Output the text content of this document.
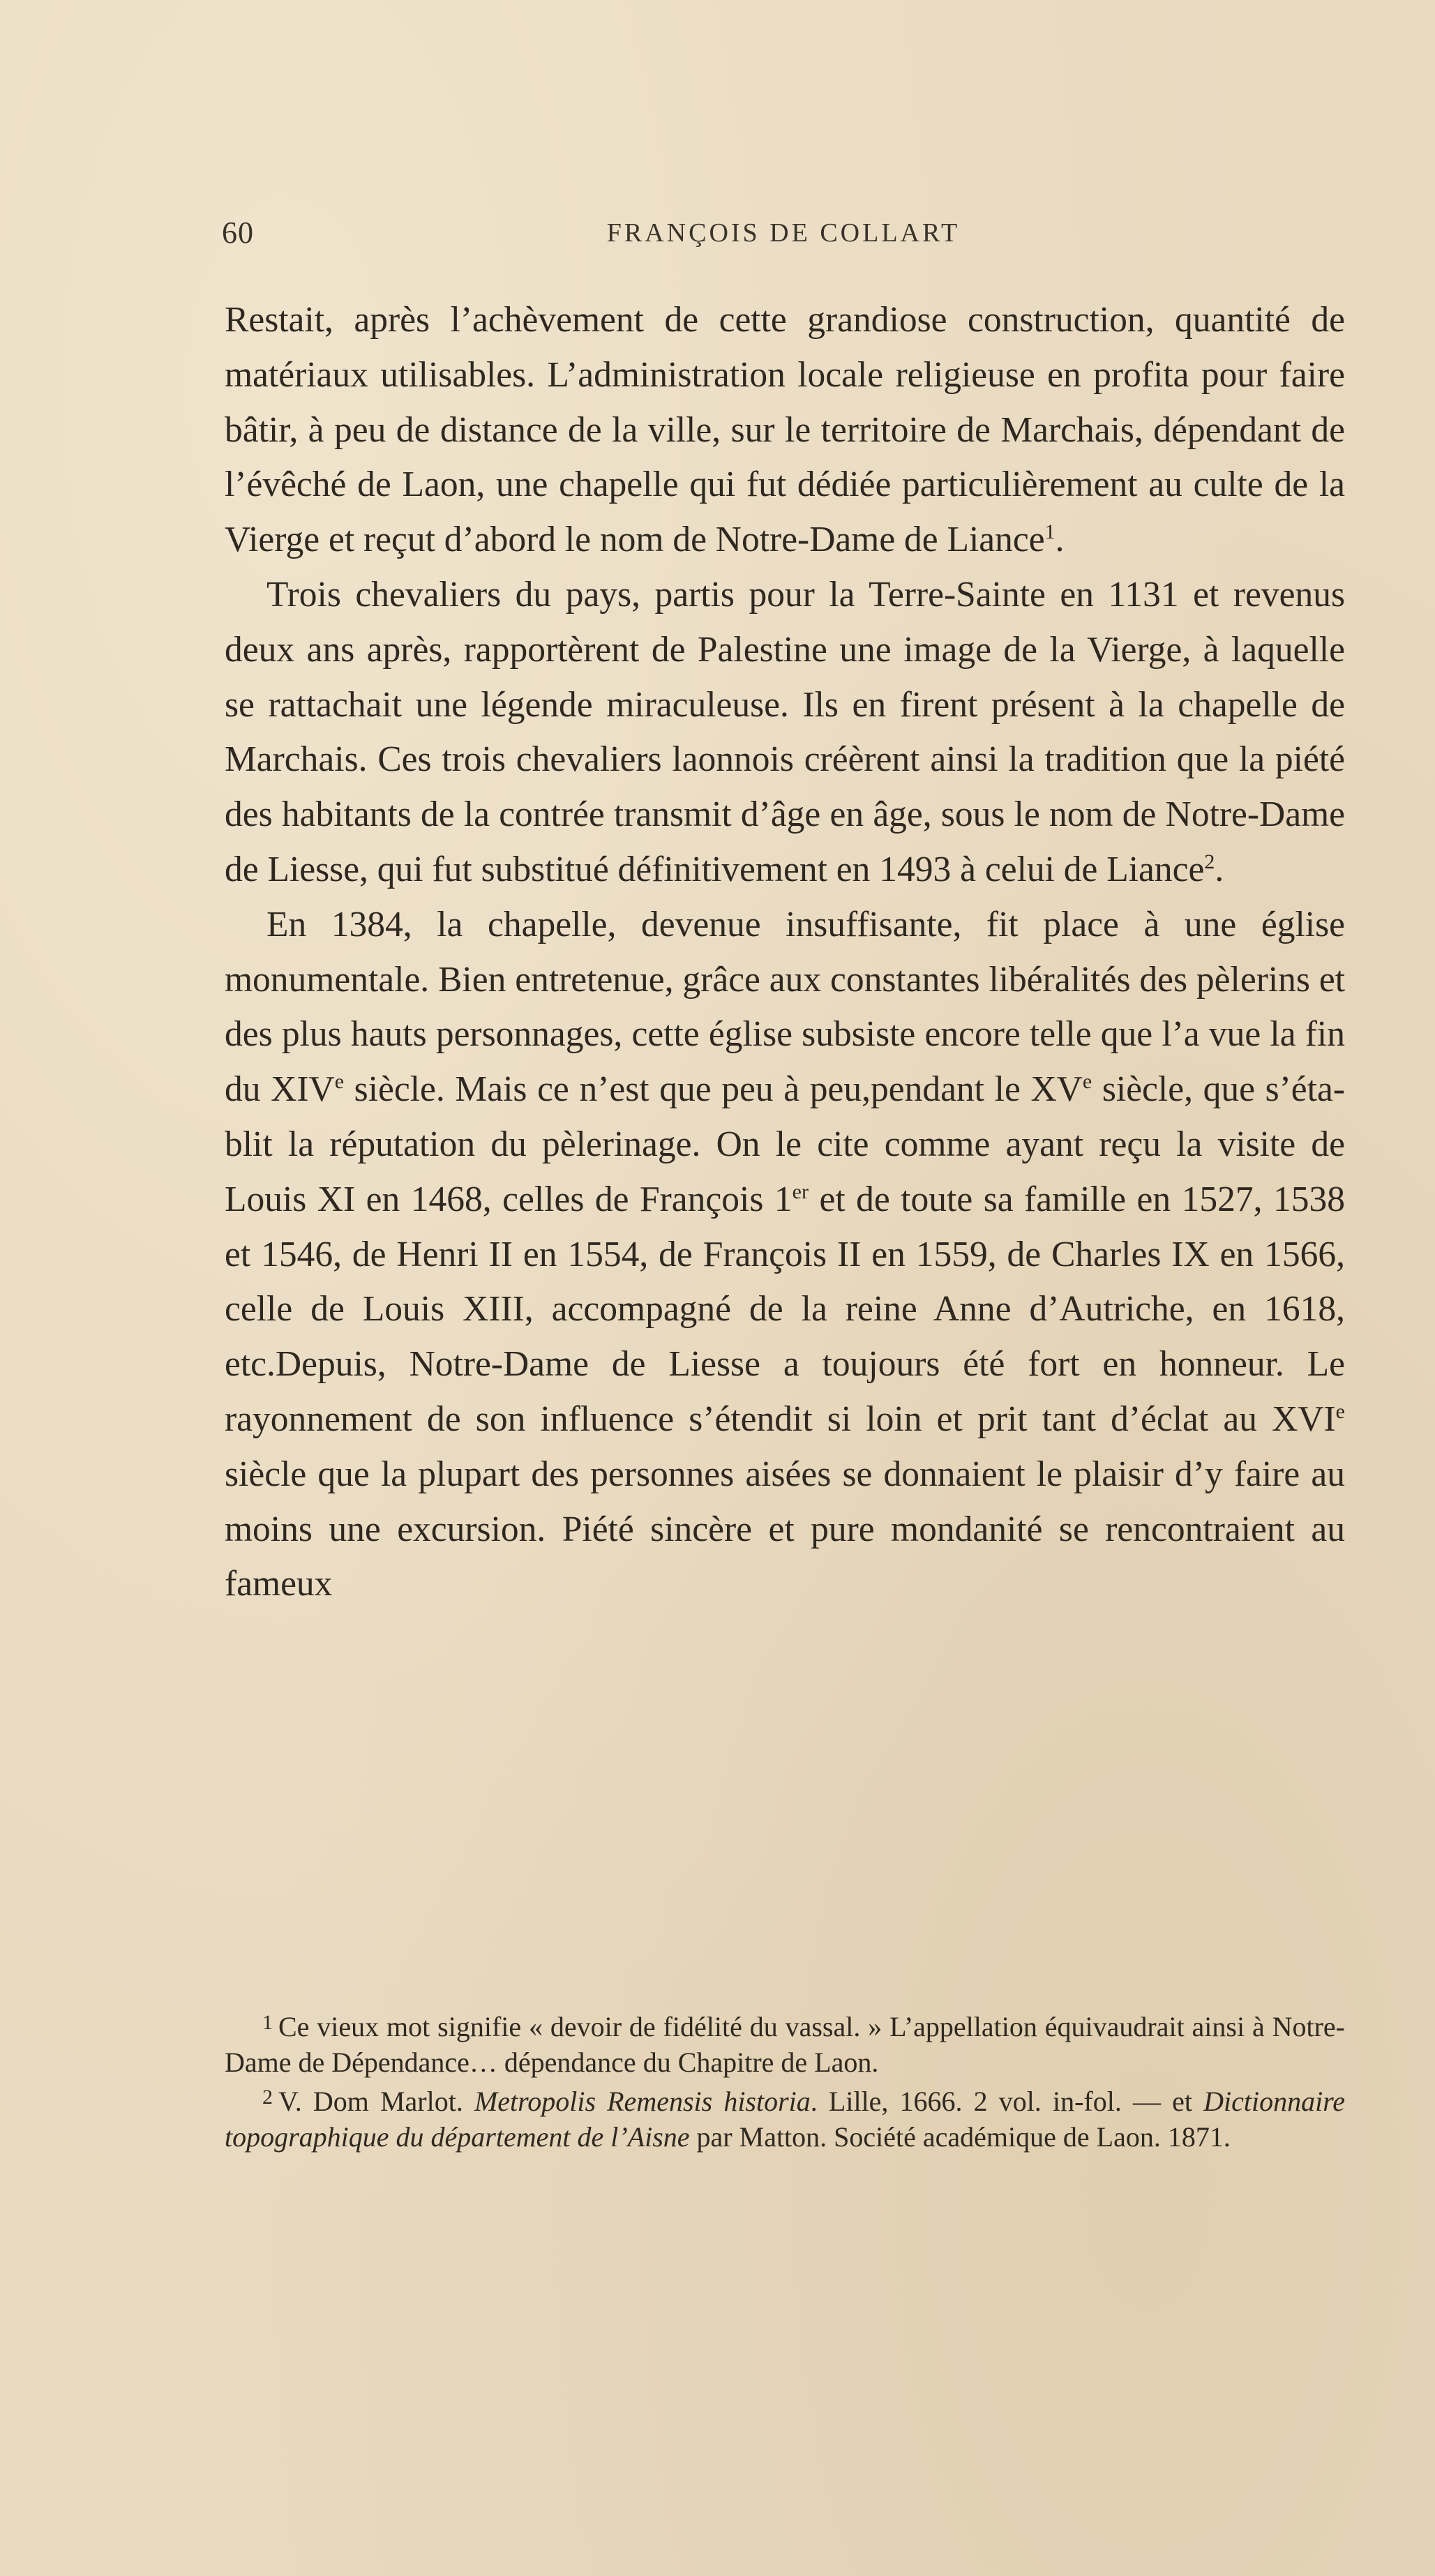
60	FRANÇOIS DE COLLART

Restait, après l’achèvement de cette grandiose construction, quantité de matériaux utilisables. L’administration locale religieuse en profita pour faire bâtir, à peu de distance de la ville, sur le territoire de Marchais, dépendant de l’évêché de Laon, une chapelle qui fut dédiée particulièrement au culte de la Vierge et reçut d’abord le nom de Notre-Dame de Liance$^1$.

Trois chevaliers du pays, partis pour la Terre-Sainte en 1131 et revenus deux ans après, rapportèrent de Palestine une image de la Vierge, à laquelle se rattachait une légende miraculeuse. Ils en firent présent à la chapelle de Marchais. Ces trois chevaliers laonnois créèrent ainsi la tradition que la piété des habitants de la contrée transmit d’âge en âge, sous le nom de Notre-Dame de Liesse, qui fut substitué définitivement en 1493 à celui de Liance$^2$.

En 1384, la chapelle, devenue insuffisante, fit place à une église monumentale. Bien entretenue, grâce aux constantes libéralités des pèlerins et des plus hauts personnages, cette église subsiste encore telle que l’a vue la fin du XIVe siècle. Mais ce n’est que peu à peu,pendant le XVe siècle, que s’établit la réputation du pèlerinage. On le cite comme ayant reçu la visite de Louis XI en 1468, celles de François 1er et de toute sa famille en 1527, 1538 et 1546, de Henri II en 1554, de François II en 1559, de Charles IX en 1566, celle de Louis XIII, accompagné de la reine Anne d’Autriche, en 1618, etc.Depuis, Notre-Dame de Liesse a toujours été fort en honneur. Le rayonnement de son influence s’étendit si loin et prit tant d’éclat au XVIe siècle que la plupart des personnes aisées se donnaient le plaisir d’y faire au moins une excursion. Piété sincère et pure mondanité se rencontraient au fameux

$^1$ Ce vieux mot signifie « devoir de fidélité du vassal. » L’appellation équivaudrait ainsi à Notre-Dame de Dépendance… dépendance du Chapitre de Laon.

$^2$ V. Dom Marlot. Metropolis Remensis historia. Lille, 1666. 2 vol. in-fol. — et Dictionnaire topographique du département de l’Aisne par Matton. Société académique de Laon. 1871.
